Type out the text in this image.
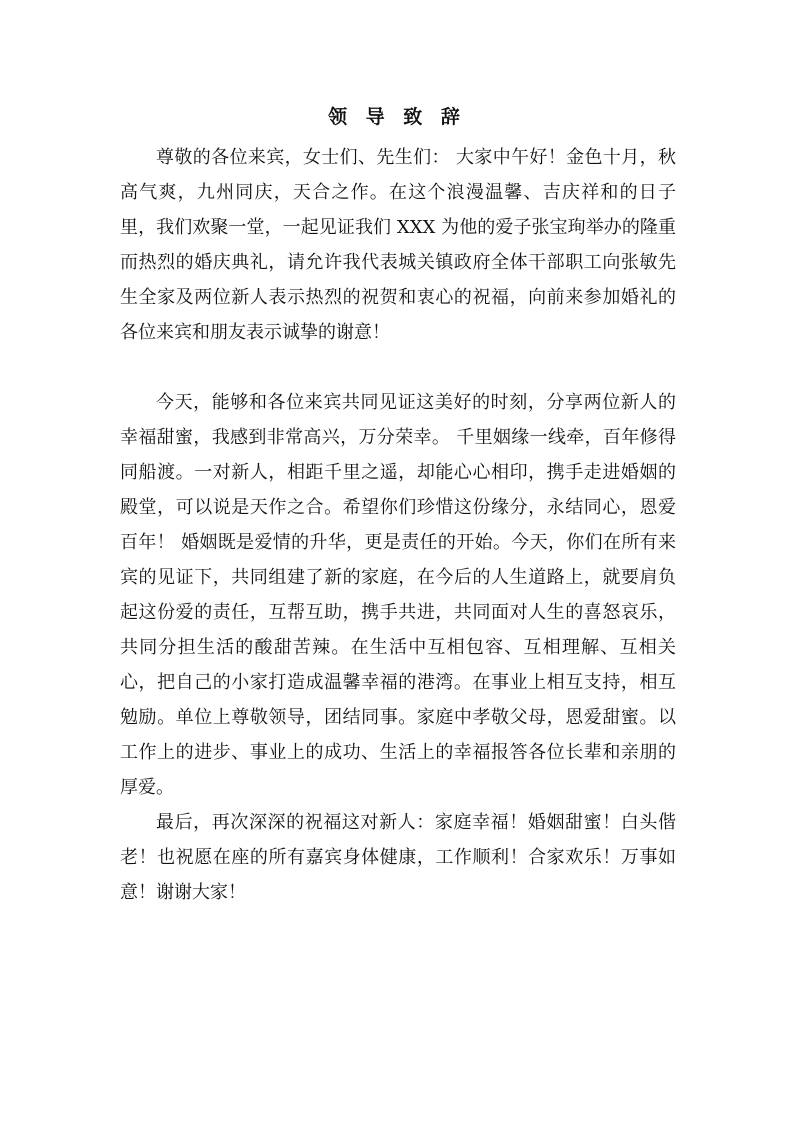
领 导 致 辞

尊敬的各位来宾，女士们、先生们： 大家中午好！金色十月，秋高气爽，九州同庆，天合之作。在这个浪漫温馨、吉庆祥和的日子里，我们欢聚一堂，一起见证我们 XXX 为他的爱子张宝珣举办的隆重而热烈的婚庆典礼，请允许我代表城关镇政府全体干部职工向张敏先生全家及两位新人表示热烈的祝贺和衷心的祝福，向前来参加婚礼的各位来宾和朋友表示诚挚的谢意！

今天，能够和各位来宾共同见证这美好的时刻，分享两位新人的幸福甜蜜，我感到非常高兴，万分荣幸。 千里姻缘一线牵，百年修得同船渡。一对新人，相距千里之遥，却能心心相印，携手走进婚姻的殿堂，可以说是天作之合。希望你们珍惜这份缘分，永结同心，恩爱百年！ 婚姻既是爱情的升华，更是责任的开始。今天，你们在所有来宾的见证下，共同组建了新的家庭，在今后的人生道路上，就要肩负起这份爱的责任，互帮互助，携手共进，共同面对人生的喜怒哀乐，共同分担生活的酸甜苦辣。在生活中互相包容、互相理解、互相关心，把自己的小家打造成温馨幸福的港湾。在事业上相互支持，相互勉励。单位上尊敬领导，团结同事。家庭中孝敬父母，恩爱甜蜜。以工作上的进步、事业上的成功、生活上的幸福报答各位长辈和亲朋的厚爱。

最后，再次深深的祝福这对新人：家庭幸福！婚姻甜蜜！白头偕老！也祝愿在座的所有嘉宾身体健康，工作顺利！合家欢乐！万事如意！谢谢大家！
